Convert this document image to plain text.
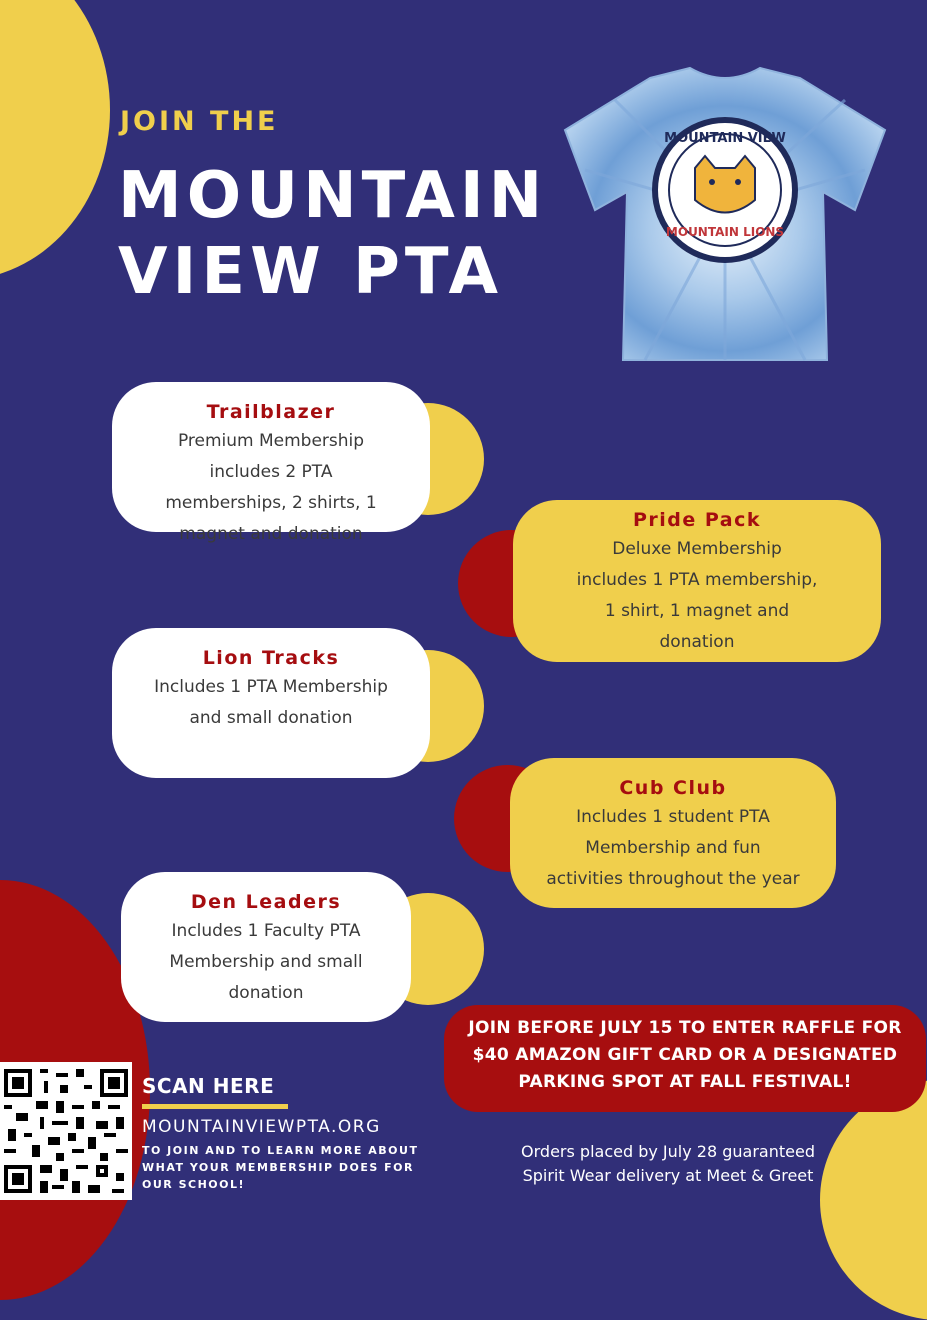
JOIN THE
MOUNTAIN
VIEW PTA
MOUNTAIN VIEW
MOUNTAIN LIONS
Trailblazer
Premium Membership
includes 2 PTA
memberships, 2 shirts, 1
magnet and donation
Pride Pack
Deluxe Membership
includes 1 PTA membership,
1 shirt, 1 magnet and
donation
Lion Tracks
Includes 1 PTA Membership
and small donation
Cub Club
Includes 1 student PTA
Membership and fun
activities throughout the year
Den Leaders
Includes 1 Faculty PTA
Membership and small
donation
JOIN BEFORE JULY 15 TO ENTER RAFFLE FOR
$40 AMAZON GIFT CARD OR A DESIGNATED
PARKING SPOT AT FALL FESTIVAL!
SCAN HERE
MOUNTAINVIEWPTA.ORG
TO JOIN AND TO LEARN MORE ABOUT
WHAT YOUR MEMBERSHIP DOES FOR
OUR SCHOOL!
Orders placed by July 28 guaranteed
Spirit Wear delivery at Meet & Greet
